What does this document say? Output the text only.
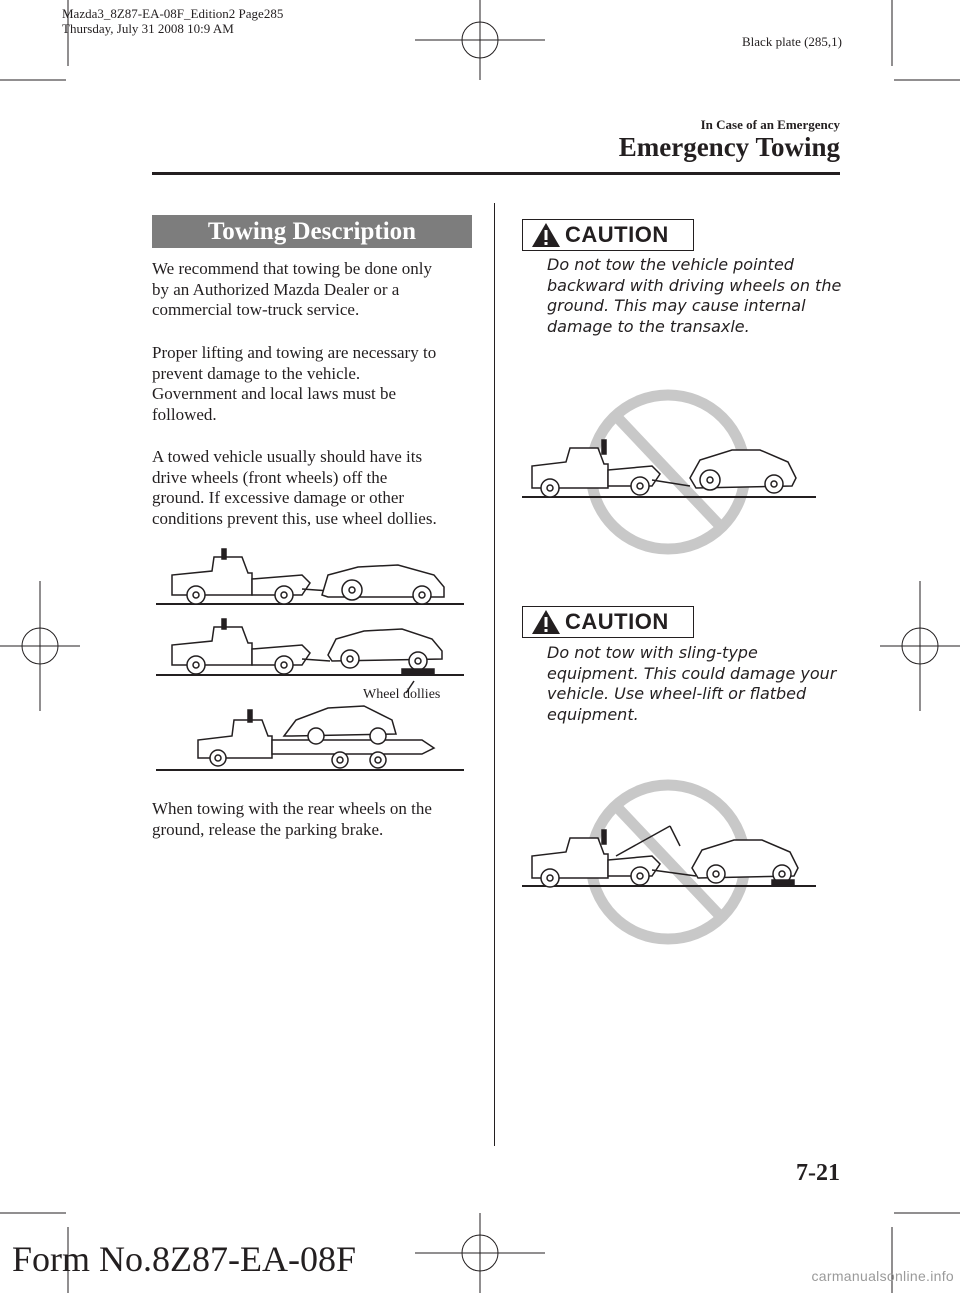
Mazda3_8Z87-EA-08F_Edition2 Page285
Thursday, July 31 2008 10:9 AM
Black plate (285,1)
In Case of an Emergency
Emergency Towing
Towing Description
We recommend that towing be done only
by an Authorized Mazda Dealer or a
commercial tow-truck service.
Proper lifting and towing are necessary to
prevent damage to the vehicle.
Government and local laws must be
followed.
A towed vehicle usually should have its
drive wheels (front wheels) off the
ground. If excessive damage or other
conditions prevent this, use wheel dollies.
Wheel dollies
When towing with the rear wheels on the
ground, release the parking brake.
CAUTION
Do not tow the vehicle pointed
backward with driving wheels on the
ground. This may cause internal
damage to the transaxle.
CAUTION
Do not tow with sling-type
equipment. This could damage your
vehicle. Use wheel-lift or flatbed
equipment.
7-21
Form No.8Z87-EA-08F	carmanualsonline.info
